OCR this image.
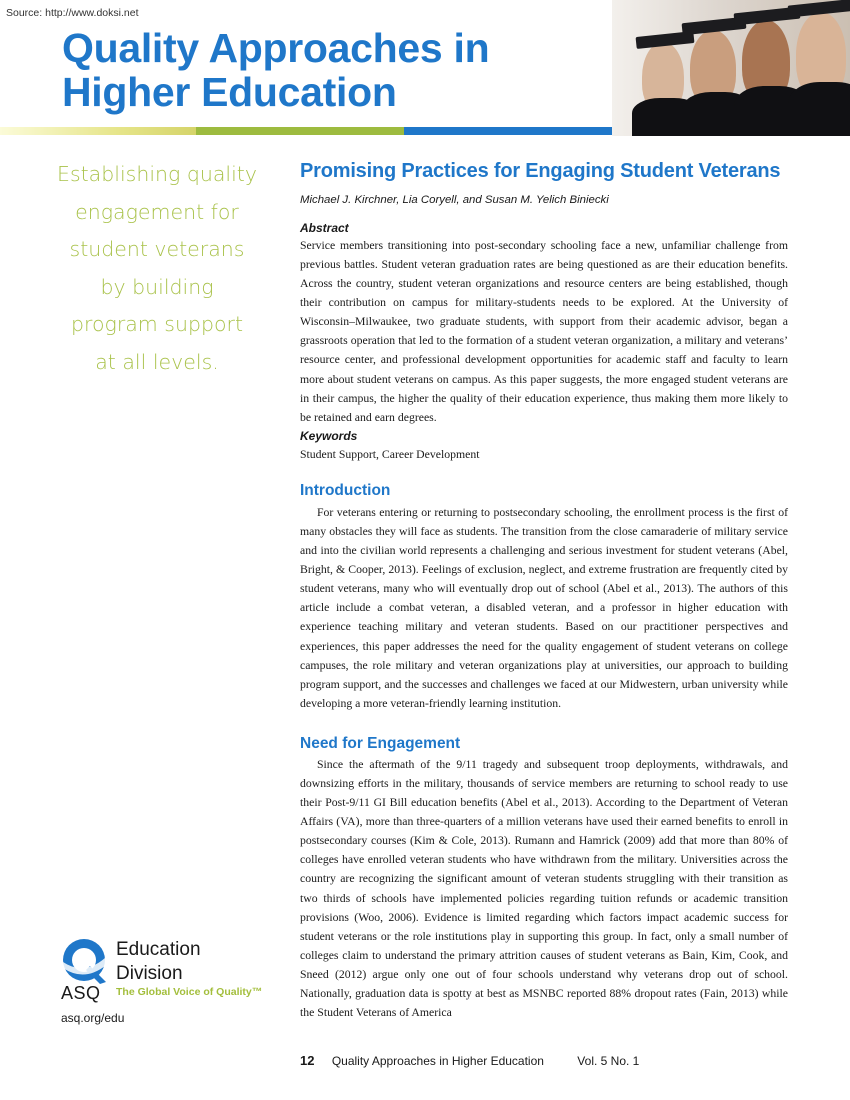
Source: http://www.doksi.net
Quality Approaches in
Higher Education
Establishing quality
engagement for
student veterans
by building
program support
at all levels.
Education
Division
ASQ The Global Voice of Quality™
asq.org/edu
Promising Practices for Engaging Student Veterans
Michael J. Kirchner, Lia Coryell, and Susan M. Yelich Biniecki
Abstract

Service members transitioning into post-secondary schooling face a new, unfamiliar challenge from previous battles. Student veteran graduation rates are being questioned as are their education benefits. Across the country, student veteran organizations and resource centers are being established, though their contribution on campus for military-students needs to be explored. At the University of Wisconsin–Milwaukee, two graduate students, with support from their academic advisor, began a grassroots operation that led to the formation of a student veteran organization, a military and veterans’ resource center, and professional development opportunities for academic staff and faculty to learn more about student veterans on campus. As this paper suggests, the more engaged student veterans are in their campus, the higher the quality of their education experience, thus making them more likely to be retained and earn degrees.

Keywords

Student Support, Career Development

Introduction

For veterans entering or returning to postsecondary schooling, the enrollment process is the first of many obstacles they will face as students. The transition from the close camaraderie of military service and into the civilian world represents a challenging and serious investment for student veterans (Abel, Bright, & Cooper, 2013). Feelings of exclusion, neglect, and extreme frustration are frequently cited by student veterans, many who will eventually drop out of school (Abel et al., 2013). The authors of this article include a combat veteran, a disabled veteran, and a professor in higher education with experience teaching military and veteran students. Based on our practitioner perspectives and experiences, this paper addresses the need for the quality engagement of student veterans on college campuses, the role military and veteran organizations play at universities, our approach to building program support, and the successes and challenges we faced at our Midwestern, urban university while developing a more veteran-friendly learning institution.

Need for Engagement

Since the aftermath of the 9/11 tragedy and subsequent troop deployments, withdrawals, and downsizing efforts in the military, thousands of service members are returning to school ready to use their Post-9/11 GI Bill education benefits (Abel et al., 2013). According to the Department of Veteran Affairs (VA), more than three-quarters of a million veterans have used their earned benefits to enroll in postsecondary courses (Kim & Cole, 2013). Rumann and Hamrick (2009) add that more than 80% of colleges have enrolled veteran students who have withdrawn from the military. Universities across the country are recognizing the significant amount of veteran students struggling with their transition as two thirds of schools have implemented policies regarding tuition refunds or academic transition provisions (Woo, 2006). Evidence is limited regarding which factors impact academic success for student veterans or the role institutions play in supporting this group. In fact, only a small number of colleges claim to understand the primary attrition causes of student veterans as Bain, Kim, Cook, and Sneed (2012) argue only one out of four schools understand why veterans drop out of school. Nationally, graduation data is spotty at best as MSNBC reported 88% dropout rates (Fain, 2013) while the Student Veterans of America

12 Quality Approaches in Higher Education	Vol. 5 No. 1
